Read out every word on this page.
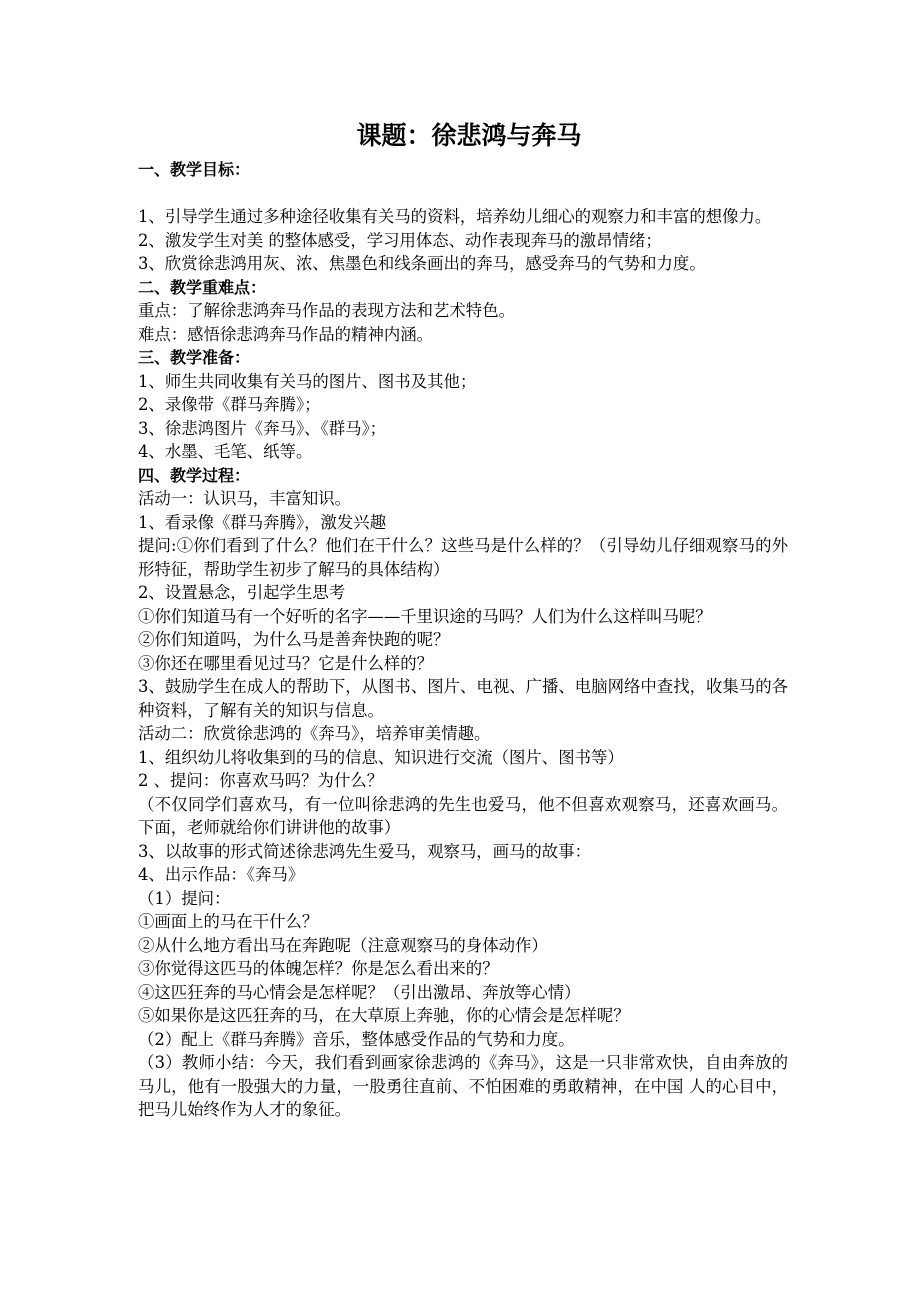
课题：徐悲鸿与奔马

一、教学目标：

1、引导学生通过多种途径收集有关马的资料，培养幼儿细心的观察力和丰富的想像力。

2、激发学生对美 的整体感受，学习用体态、动作表现奔马的激昂情绪；

3、欣赏徐悲鸿用灰、浓、焦墨色和线条画出的奔马，感受奔马的气势和力度。

二、教学重难点：

重点：了解徐悲鸿奔马作品的表现方法和艺术特色。

难点：感悟徐悲鸿奔马作品的精神内涵。

三、教学准备：

1、师生共同收集有关马的图片、图书及其他；

2、录像带《群马奔腾》；

3、徐悲鸿图片《奔马》、《群马》；

4、水墨、毛笔、纸等。

四、教学过程：

活动一：认识马，丰富知识。

1、看录像《群马奔腾》，激发兴趣

提问:①你们看到了什么？他们在干什么？这些马是什么样的？（引导幼儿仔细观察马的外形特征，帮助学生初步了解马的具体结构）

2、设置悬念，引起学生思考

①你们知道马有一个好听的名字——千里识途的马吗？人们为什么这样叫马呢？

②你们知道吗，为什么马是善奔快跑的呢？

③你还在哪里看见过马？它是什么样的？

3、鼓励学生在成人的帮助下，从图书、图片、电视、广播、电脑网络中查找，收集马的各种资料，了解有关的知识与信息。

活动二：欣赏徐悲鸿的《奔马》，培养审美情趣。

1、组织幼儿将收集到的马的信息、知识进行交流（图片、图书等）

2 、提问：你喜欢马吗？为什么？

（不仅同学们喜欢马，有一位叫徐悲鸿的先生也爱马，他不但喜欢观察马，还喜欢画马。下面，老师就给你们讲讲他的故事）

3、以故事的形式简述徐悲鸿先生爱马，观察马，画马的故事：

4、出示作品：《奔马》

（1）提问：

①画面上的马在干什么？

②从什么地方看出马在奔跑呢（注意观察马的身体动作）

③你觉得这匹马的体魄怎样？你是怎么看出来的？

④这匹狂奔的马心情会是怎样呢？（引出激昂、奔放等心情）

⑤如果你是这匹狂奔的马，在大草原上奔驰，你的心情会是怎样呢？

（2）配上《群马奔腾》音乐，整体感受作品的气势和力度。

（3）教师小结：今天，我们看到画家徐悲鸿的《奔马》，这是一只非常欢快，自由奔放的马儿，他有一股强大的力量，一股勇往直前、不怕困难的勇敢精神，在中国 人的心目中，把马儿始终作为人才的象征。
